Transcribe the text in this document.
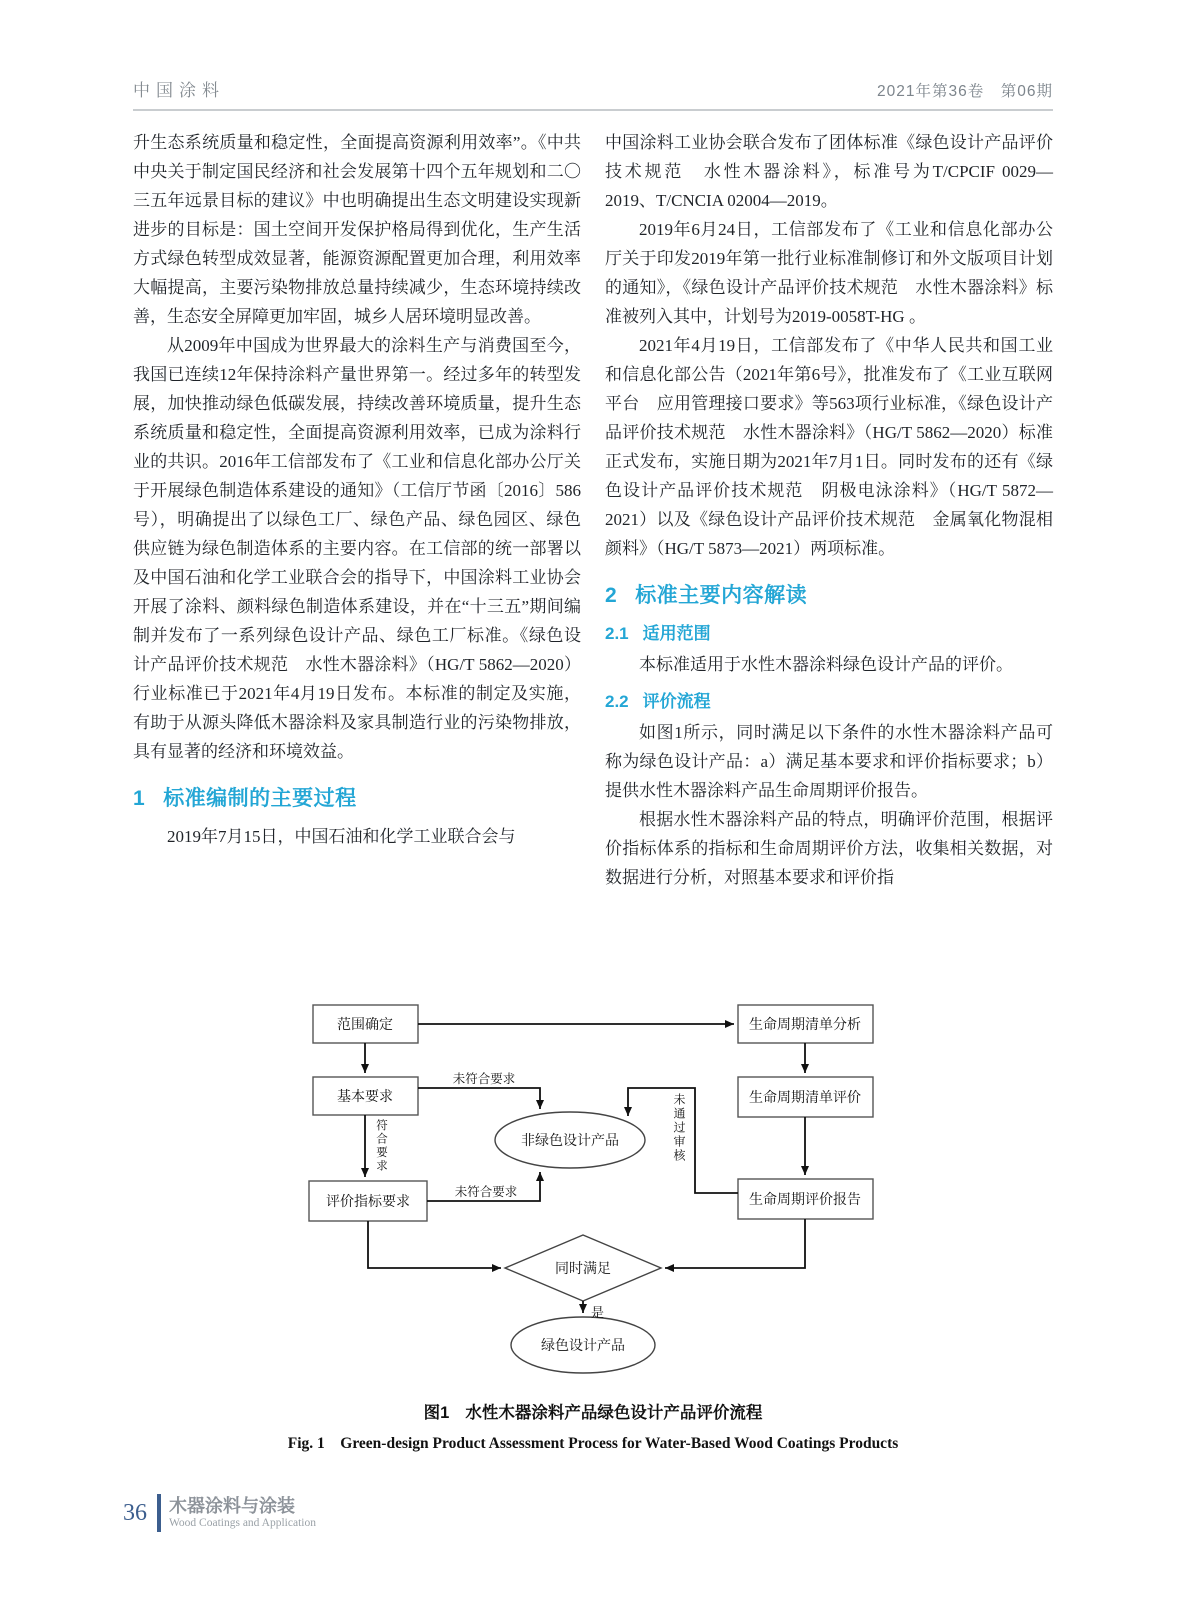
中国涂料	2021年第36卷　第06期

升生态系统质量和稳定性，全面提高资源利用效率”。《中共中央关于制定国民经济和社会发展第十四个五年规划和二〇三五年远景目标的建议》中也明确提出生态文明建设实现新进步的目标是：国土空间开发保护格局得到优化，生产生活方式绿色转型成效显著，能源资源配置更加合理，利用效率大幅提高，主要污染物排放总量持续减少，生态环境持续改善，生态安全屏障更加牢固，城乡人居环境明显改善。

从2009年中国成为世界最大的涂料生产与消费国至今，我国已连续12年保持涂料产量世界第一。经过多年的转型发展，加快推动绿色低碳发展，持续改善环境质量，提升生态系统质量和稳定性，全面提高资源利用效率，已成为涂料行业的共识。2016年工信部发布了《工业和信息化部办公厅关于开展绿色制造体系建设的通知》（工信厅节函〔2016〕586号），明确提出了以绿色工厂、绿色产品、绿色园区、绿色供应链为绿色制造体系的主要内容。在工信部的统一部署以及中国石油和化学工业联合会的指导下，中国涂料工业协会开展了涂料、颜料绿色制造体系建设，并在“十三五”期间编制并发布了一系列绿色设计产品、绿色工厂标准。《绿色设计产品评价技术规范　水性木器涂料》（HG/T 5862—2020）行业标准已于2021年4月19日发布。本标准的制定及实施，有助于从源头降低木器涂料及家具制造行业的污染物排放，具有显著的经济和环境效益。

1 标准编制的主要过程

2019年7月15日，中国石油和化学工业联合会与

中国涂料工业协会联合发布了团体标准《绿色设计产品评价技术规范　水性木器涂料》，标准号为T/CPCIF 0029—2019、T/CNCIA 02004—2019。

2019年6月24日，工信部发布了《工业和信息化部办公厅关于印发2019年第一批行业标准制修订和外文版项目计划的通知》，《绿色设计产品评价技术规范　水性木器涂料》标准被列入其中，计划号为2019-0058T-HG 。

2021年4月19日，工信部发布了《中华人民共和国工业和信息化部公告（2021年第6号》，批准发布了《工业互联网平台　应用管理接口要求》等563项行业标准，《绿色设计产品评价技术规范　水性木器涂料》（HG/T 5862—2020）标准正式发布，实施日期为2021年7月1日。同时发布的还有《绿色设计产品评价技术规范　阴极电泳涂料》（HG/T 5872—2021）以及《绿色设计产品评价技术规范　金属氧化物混相颜料》（HG/T 5873—2021）两项标准。

2 标准主要内容解读
2.1 适用范围

本标准适用于水性木器涂料绿色设计产品的评价。

2.2 评价流程

如图1所示，同时满足以下条件的水性木器涂料产品可称为绿色设计产品：a）满足基本要求和评价指标要求；b）提供水性木器涂料产品生命周期评价报告。

根据水性木器涂料产品的特点，明确评价范围，根据评价指标体系的指标和生命周期评价方法，收集相关数据，对数据进行分析，对照基本要求和评价指

范围确定	生命周期清单分析
基本要求	生命周期清单评价
非绿色设计产品
评价指标要求	生命周期评价报告
同时满足
绿色设计产品
未符合要求
符合要求
未符合要求
未通过审核
是
图1 水性木器涂料产品绿色设计产品评价流程
Fig. 1　Green-design Product Assessment Process for Water-Based Wood Coatings Products
36 木器涂料与涂装
Wood Coatings and Application
